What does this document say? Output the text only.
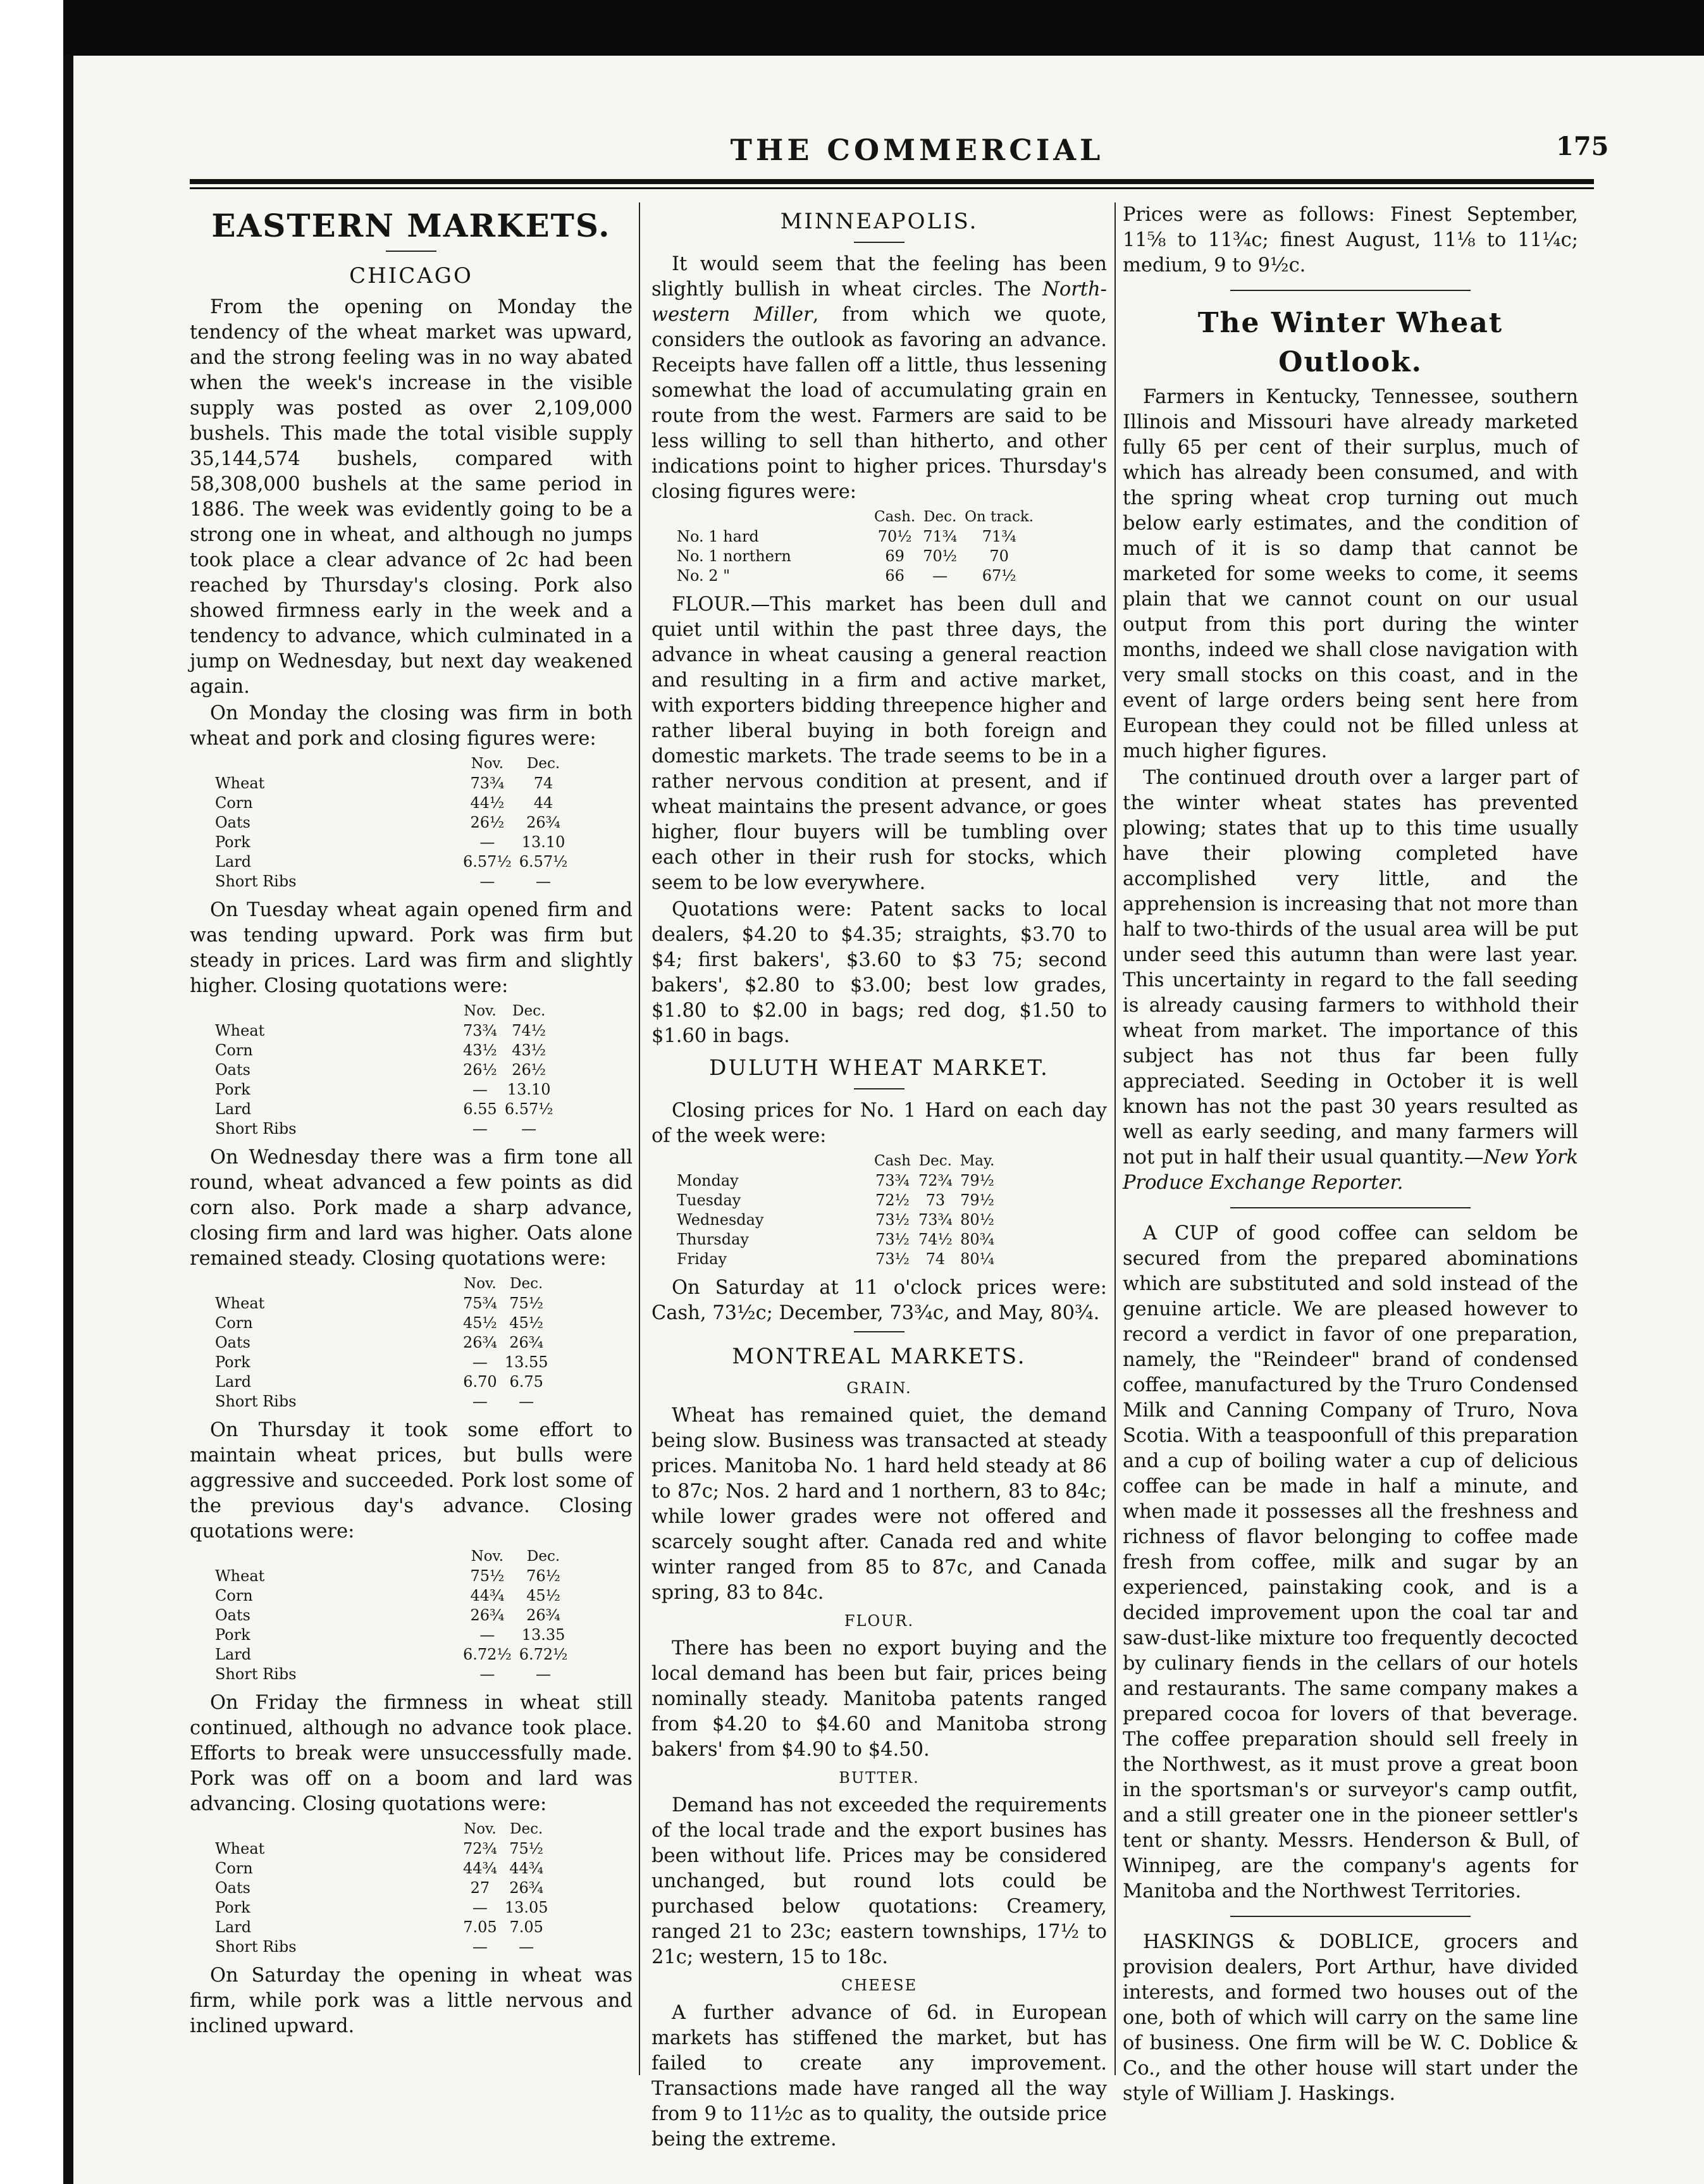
THE COMMERCIAL	175
EASTERN MARKETS.
CHICAGO

From the opening on Monday the tendency of the wheat market was upward, and the strong feeling was in no way abated when the week's increase in the visible supply was posted as over 2,109,000 bushels. This made the total visible supply 35,144,574 bushels, compared with 58,308,000 bushels at the same period in 1886. The week was evidently going to be a strong one in wheat, and although no jumps took place a clear advance of 2c had been reached by Thursday's closing. Pork also showed firmness early in the week and a tendency to advance, which culminated in a jump on Wednesday, but next day weakened again.

On Monday the closing was firm in both wheat and pork and closing figures were:

	Nov.	Dec.
Wheat	73¾	74
Corn	44½	44
Oats	26½	26¾
Pork	—	13.10
Lard	6.57½	6.57½
Short Ribs	—	—

On Tuesday wheat again opened firm and was tending upward. Pork was firm but steady in prices. Lard was firm and slightly higher. Closing quotations were:

	Nov.	Dec.
Wheat	73¾	74½
Corn	43½	43½
Oats	26½	26½
Pork	—	13.10
Lard	6.55	6.57½
Short Ribs	—	—

On Wednesday there was a firm tone all round, wheat advanced a few points as did corn also. Pork made a sharp advance, closing firm and lard was higher. Oats alone remained steady. Closing quotations were:

	Nov.	Dec.
Wheat	75¾	75½
Corn	45½	45½
Oats	26¾	26¾
Pork	—	13.55
Lard	6.70	6.75
Short Ribs	—	—

On Thursday it took some effort to maintain wheat prices, but bulls were aggressive and succeeded. Pork lost some of the previous day's advance. Closing quotations were:

	Nov.	Dec.
Wheat	75½	76½
Corn	44¾	45½
Oats	26¾	26¾
Pork	—	13.35
Lard	6.72½	6.72½
Short Ribs	—	—

On Friday the firmness in wheat still continued, although no advance took place. Efforts to break were unsuccessfully made. Pork was off on a boom and lard was advancing. Closing quotations were:

	Nov.	Dec.
Wheat	72¾	75½
Corn	44¾	44¾
Oats	27	26¾
Pork	—	13.05
Lard	7.05	7.05
Short Ribs	—	—

On Saturday the opening in wheat was firm, while pork was a little nervous and inclined upward.

MINNEAPOLIS.

It would seem that the feeling has been slightly bullish in wheat circles. The North-western Miller, from which we quote, considers the outlook as favoring an advance. Receipts have fallen off a little, thus lessening somewhat the load of accumulating grain en route from the west. Farmers are said to be less willing to sell than hitherto, and other indications point to higher prices. Thursday's closing figures were:

	Cash.	Dec.	On track.
No. 1 hard	70½	71¾	71¾
No. 1 northern	69	70½	70
No. 2 "	66	—	67½

FLOUR.—This market has been dull and quiet until within the past three days, the advance in wheat causing a general reaction and resulting in a firm and active market, with exporters bidding threepence higher and rather liberal buying in both foreign and domestic markets. The trade seems to be in a rather nervous condition at present, and if wheat maintains the present advance, or goes higher, flour buyers will be tumbling over each other in their rush for stocks, which seem to be low everywhere.

Quotations were: Patent sacks to local dealers, $4.20 to $4.35; straights, $3.70 to $4; first bakers', $3.60 to $3 75; second bakers', $2.80 to $3.00; best low grades, $1.80 to $2.00 in bags; red dog, $1.50 to $1.60 in bags.

DULUTH WHEAT MARKET.

Closing prices for No. 1 Hard on each day of the week were:

	Cash	Dec.	May.
Monday	73¾	72¾	79½
Tuesday	72½	73	79½
Wednesday	73½	73¾	80½
Thursday	73½	74½	80¾
Friday	73½	74	80¼

On Saturday at 11 o'clock prices were: Cash, 73½c; December, 73¾c, and May, 80¾.

MONTREAL MARKETS.
GRAIN.

Wheat has remained quiet, the demand being slow. Business was transacted at steady prices. Manitoba No. 1 hard held steady at 86 to 87c; Nos. 2 hard and 1 northern, 83 to 84c; while lower grades were not offered and scarcely sought after. Canada red and white winter ranged from 85 to 87c, and Canada spring, 83 to 84c.

FLOUR.

There has been no export buying and the local demand has been but fair, prices being nominally steady. Manitoba patents ranged from $4.20 to $4.60 and Manitoba strong bakers' from $4.90 to $4.50.

BUTTER.

Demand has not exceeded the requirements of the local trade and the export busines has been without life. Prices may be considered unchanged, but round lots could be purchased below quotations: Creamery, ranged 21 to 23c; eastern townships, 17½ to 21c; western, 15 to 18c.

CHEESE

A further advance of 6d. in European markets has stiffened the market, but has failed to create any improvement. Transactions made have ranged all the way from 9 to 11½c as to quality, the outside price being the extreme.

Prices were as follows: Finest September, 11⅝ to 11¾c; finest August, 11⅛ to 11¼c; medium, 9 to 9½c.

The Winter Wheat Outlook.

Farmers in Kentucky, Tennessee, southern Illinois and Missouri have already marketed fully 65 per cent of their surplus, much of which has already been consumed, and with the spring wheat crop turning out much below early estimates, and the condition of much of it is so damp that cannot be marketed for some weeks to come, it seems plain that we cannot count on our usual output from this port during the winter months, indeed we shall close navigation with very small stocks on this coast, and in the event of large orders being sent here from European they could not be filled unless at much higher figures.

The continued drouth over a larger part of the winter wheat states has prevented plowing; states that up to this time usually have their plowing completed have accomplished very little, and the apprehension is increasing that not more than half to two-thirds of the usual area will be put under seed this autumn than were last year. This uncertainty in regard to the fall seeding is already causing farmers to withhold their wheat from market. The importance of this subject has not thus far been fully appreciated. Seeding in October it is well known has not the past 30 years resulted as well as early seeding, and many farmers will not put in half their usual quantity.—New York Produce Exchange Reporter.

A CUP of good coffee can seldom be secured from the prepared abominations which are substituted and sold instead of the genuine article. We are pleased however to record a verdict in favor of one preparation, namely, the "Reindeer" brand of condensed coffee, manufactured by the Truro Condensed Milk and Canning Company of Truro, Nova Scotia. With a teaspoonfull of this preparation and a cup of boiling water a cup of delicious coffee can be made in half a minute, and when made it possesses all the freshness and richness of flavor belonging to coffee made fresh from coffee, milk and sugar by an experienced, painstaking cook, and is a decided improvement upon the coal tar and saw-dust-like mixture too frequently decocted by culinary fiends in the cellars of our hotels and restaurants. The same company makes a prepared cocoa for lovers of that beverage. The coffee preparation should sell freely in the Northwest, as it must prove a great boon in the sportsman's or surveyor's camp outfit, and a still greater one in the pioneer settler's tent or shanty. Messrs. Henderson & Bull, of Winnipeg, are the company's agents for Manitoba and the Northwest Territories.

HASKINGS & DOBLICE, grocers and provision dealers, Port Arthur, have divided interests, and formed two houses out of the one, both of which will carry on the same line of business. One firm will be W. C. Doblice & Co., and the other house will start under the style of William J. Haskings.
